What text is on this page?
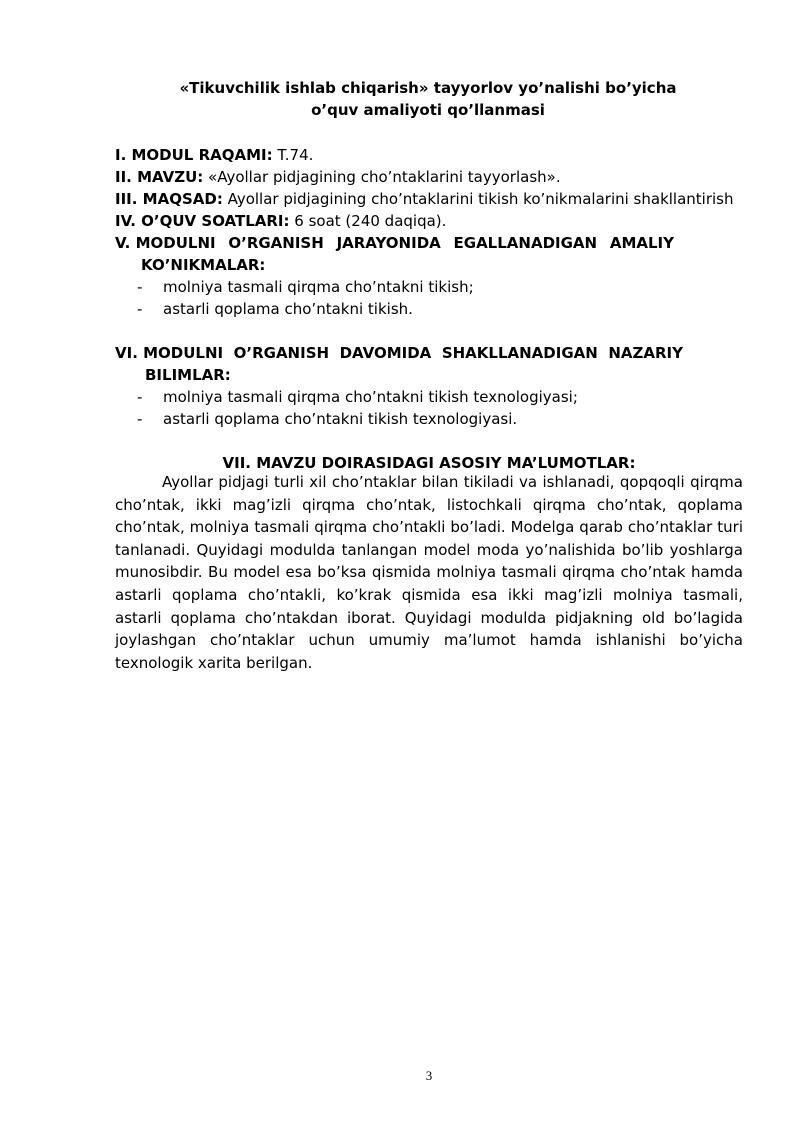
«Tikuvchilik ishlab chiqarish» tayyorlov yo’nalishi bo’yicha
o’quv amaliyoti qo’llanmasi
I. MODUL RAQAMI: T.74.
II. MAVZU: «Ayollar pidjagining cho’ntaklarini tayyorlash».
III. MAQSAD: Ayollar pidjagining cho’ntaklarini tikish ko’nikmalarini shakllantirish
IV. O’QUV SOATLARI: 6 soat (240 daqiqa).
V. MODULNI O’RGANISH JARAYONIDA EGALLANADIGAN AMALIY
KO’NIKMALAR:
- molniya tasmali qirqma cho’ntakni tikish;
- astarli qoplama cho’ntakni tikish.
VI. MODULNI O’RGANISH DAVOMIDA SHAKLLANADIGAN NAZARIY
BILIMLAR:
- molniya tasmali qirqma cho’ntakni tikish texnologiyasi;
- astarli qoplama cho’ntakni tikish texnologiyasi.
VII. MAVZU DOIRASIDAGI ASOSIY MA’LUMOTLAR:

Ayollar pidjagi turli xil cho’ntaklar bilan tikiladi va ishlanadi, qopqoqli qirqma cho’ntak, ikki mag’izli qirqma cho’ntak, listochkali qirqma cho’ntak, qoplama cho’ntak, molniya tasmali qirqma cho’ntakli bo’ladi. Modelga qarab cho’ntaklar turi tanlanadi. Quyidagi modulda tanlangan model moda yo’nalishida bo’lib yoshlarga munosibdir. Bu model esa bo’ksa qismida molniya tasmali qirqma cho’ntak hamda astarli qoplama cho’ntakli, ko’krak qismida esa ikki mag’izli molniya tasmali, astarli qoplama cho’ntakdan iborat. Quyidagi modulda pidjakning old bo’lagida joylashgan cho’ntaklar uchun umumiy ma’lumot hamda ishlanishi bo’yicha texnologik xarita berilgan.

3
